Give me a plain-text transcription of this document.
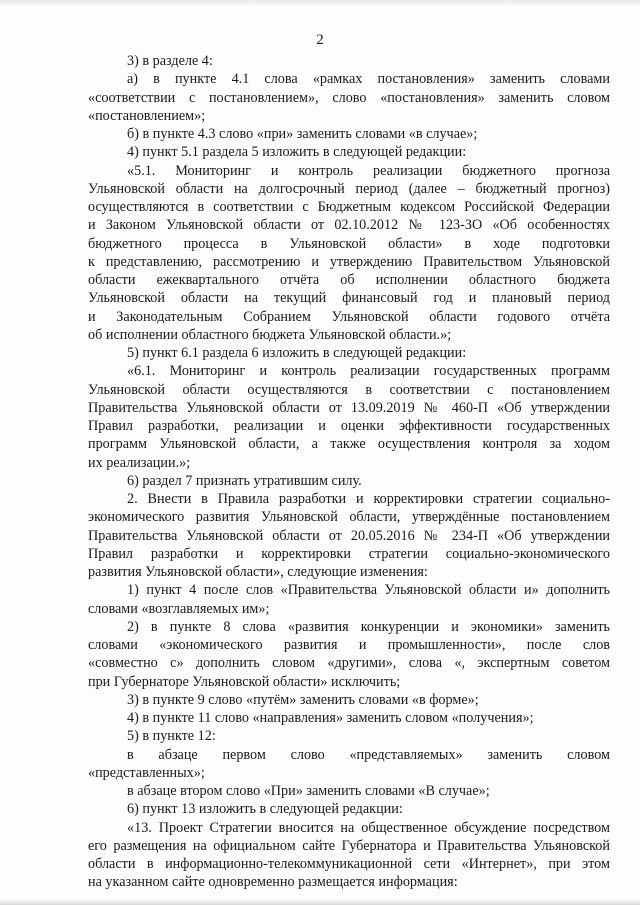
2
3) в разделе 4:
а) в пункте 4.1 слова «рамках постановления» заменить словами
«соответствии с постановлением», слово «постановления» заменить словом
«постановлением»;
б) в пункте 4.3 слово «при» заменить словами «в случае»;
4) пункт 5.1 раздела 5 изложить в следующей редакции:
«5.1. Мониторинг и контроль реализации бюджетного прогноза
Ульяновской области на долгосрочный период (далее – бюджетный прогноз)
осуществляются в соответствии с Бюджетным кодексом Российской Федерации
и Законом Ульяновской области от 02.10.2012 № 123-ЗО «Об особенностях
бюджетного процесса в Ульяновской области» в ходе подготовки
к представлению, рассмотрению и утверждению Правительством Ульяновской
области ежеквартального отчёта об исполнении областного бюджета
Ульяновской области на текущий финансовый год и плановый период
и Законодательным Собранием Ульяновской области годового отчёта
об исполнении областного бюджета Ульяновской области.»;
5) пункт 6.1 раздела 6 изложить в следующей редакции:
«6.1. Мониторинг и контроль реализации государственных программ
Ульяновской области осуществляются в соответствии с постановлением
Правительства Ульяновской области от 13.09.2019 № 460-П «Об утверждении
Правил разработки, реализации и оценки эффективности государственных
программ Ульяновской области, а также осуществления контроля за ходом
их реализации.»;
6) раздел 7 признать утратившим силу.
2. Внести в Правила разработки и корректировки стратегии социально-
экономического развития Ульяновской области, утверждённые постановлением
Правительства Ульяновской области от 20.05.2016 № 234-П «Об утверждении
Правил разработки и корректировки стратегии социально-экономического
развития Ульяновской области», следующие изменения:
1) пункт 4 после слов «Правительства Ульяновской области и» дополнить
словами «возглавляемых им»;
2) в пункте 8 слова «развития конкуренции и экономики» заменить
словами «экономического развития и промышленности», после слов
«совместно с» дополнить словом «другими», слова «, экспертным советом
при Губернаторе Ульяновской области» исключить;
3) в пункте 9 слово «путём» заменить словами «в форме»;
4) в пункте 11 слово «направления» заменить словом «получения»;
5) в пункте 12:
в абзаце первом слово «представляемых» заменить словом
«представленных»;
в абзаце втором слово «При» заменить словами «В случае»;
6) пункт 13 изложить в следующей редакции:
«13. Проект Стратегии вносится на общественное обсуждение посредством
его размещения на официальном сайте Губернатора и Правительства Ульяновской
области в информационно-телекоммуникационной сети «Интернет», при этом
на указанном сайте одновременно размещается информация:
